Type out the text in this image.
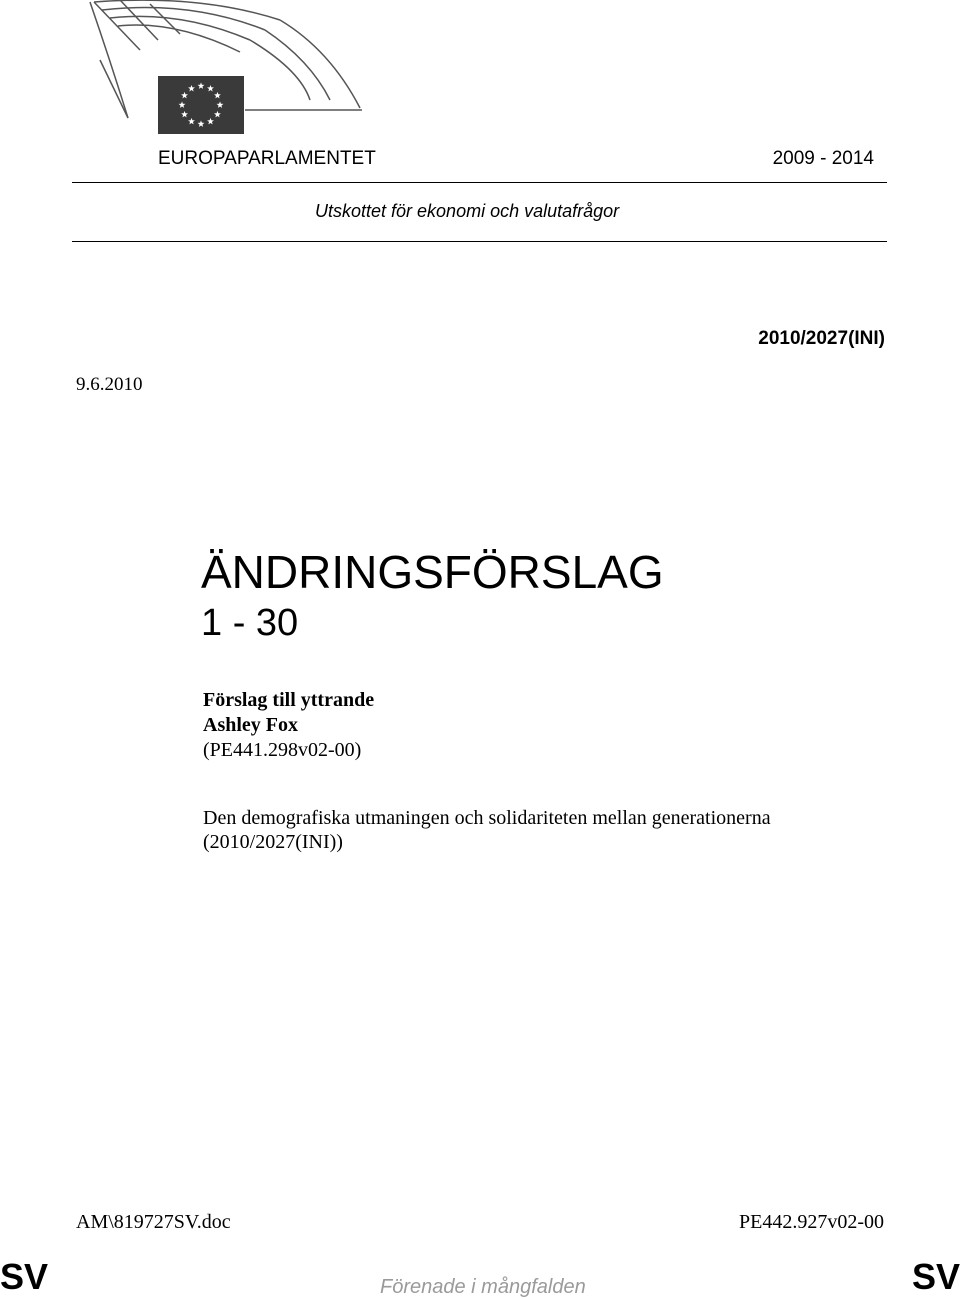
EUROPAPARLAMENTET	2009 - 2014
Utskottet för ekonomi och valutafrågor
2010/2027(INI)
9.6.2010
ÄNDRINGSFÖRSLAG
1 - 30
Förslag till yttrande
Ashley Fox
(PE441.298v02-00)
Den demografiska utmaningen och solidariteten mellan generationerna
(2010/2027(INI))
AM\819727SV.doc	PE442.927v02-00
SV	Förenade i mångfalden	SV
